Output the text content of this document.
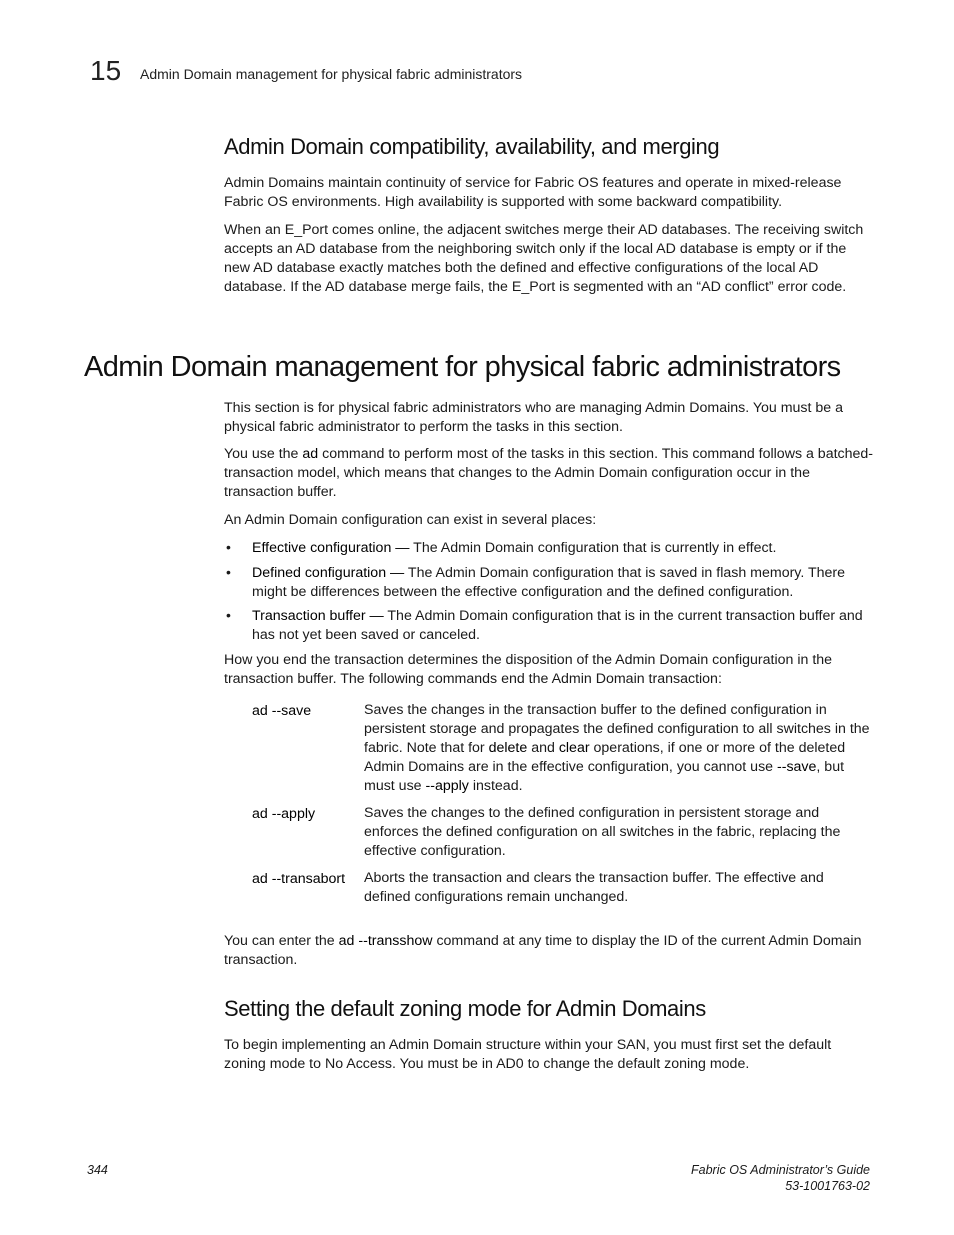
15 Admin Domain management for physical fabric administrators
Admin Domain compatibility, availability, and merging

Admin Domains maintain continuity of service for Fabric OS features and operate in mixed-release Fabric OS environments. High availability is supported with some backward compatibility.

When an E_Port comes online, the adjacent switches merge their AD databases. The receiving switch accepts an AD database from the neighboring switch only if the local AD database is empty or if the new AD database exactly matches both the defined and effective configurations of the local AD database. If the AD database merge fails, the E_Port is segmented with an “AD conflict” error code.

Admin Domain management for physical fabric administrators

This section is for physical fabric administrators who are managing Admin Domains. You must be a physical fabric administrator to perform the tasks in this section.

You use the ad command to perform most of the tasks in this section. This command follows a batched-transaction model, which means that changes to the Admin Domain configuration occur in the transaction buffer.

An Admin Domain configuration can exist in several places:

• Effective configuration — The Admin Domain configuration that is currently in effect.

• Defined configuration — The Admin Domain configuration that is saved in flash memory. There might be differences between the effective configuration and the defined configuration.

• Transaction buffer — The Admin Domain configuration that is in the current transaction buffer and has not yet been saved or canceled.

How you end the transaction determines the disposition of the Admin Domain configuration in the transaction buffer. The following commands end the Admin Domain transaction:

ad --save	Saves the changes in the transaction buffer to the defined configuration in persistent storage and propagates the defined configuration to all switches in the fabric. Note that for delete and clear operations, if one or more of the deleted Admin Domains are in the effective configuration, you cannot use --save, but must use --apply instead.

ad --apply	Saves the changes to the defined configuration in persistent storage and enforces the defined configuration on all switches in the fabric, replacing the effective configuration.

ad --transabort Aborts the transaction and clears the transaction buffer. The effective and defined configurations remain unchanged.

You can enter the ad --transshow command at any time to display the ID of the current Admin Domain transaction.

Setting the default zoning mode for Admin Domains

To begin implementing an Admin Domain structure within your SAN, you must first set the default zoning mode to No Access. You must be in AD0 to change the default zoning mode.

344	Fabric OS Administrator’s Guide
53-1001763-02
